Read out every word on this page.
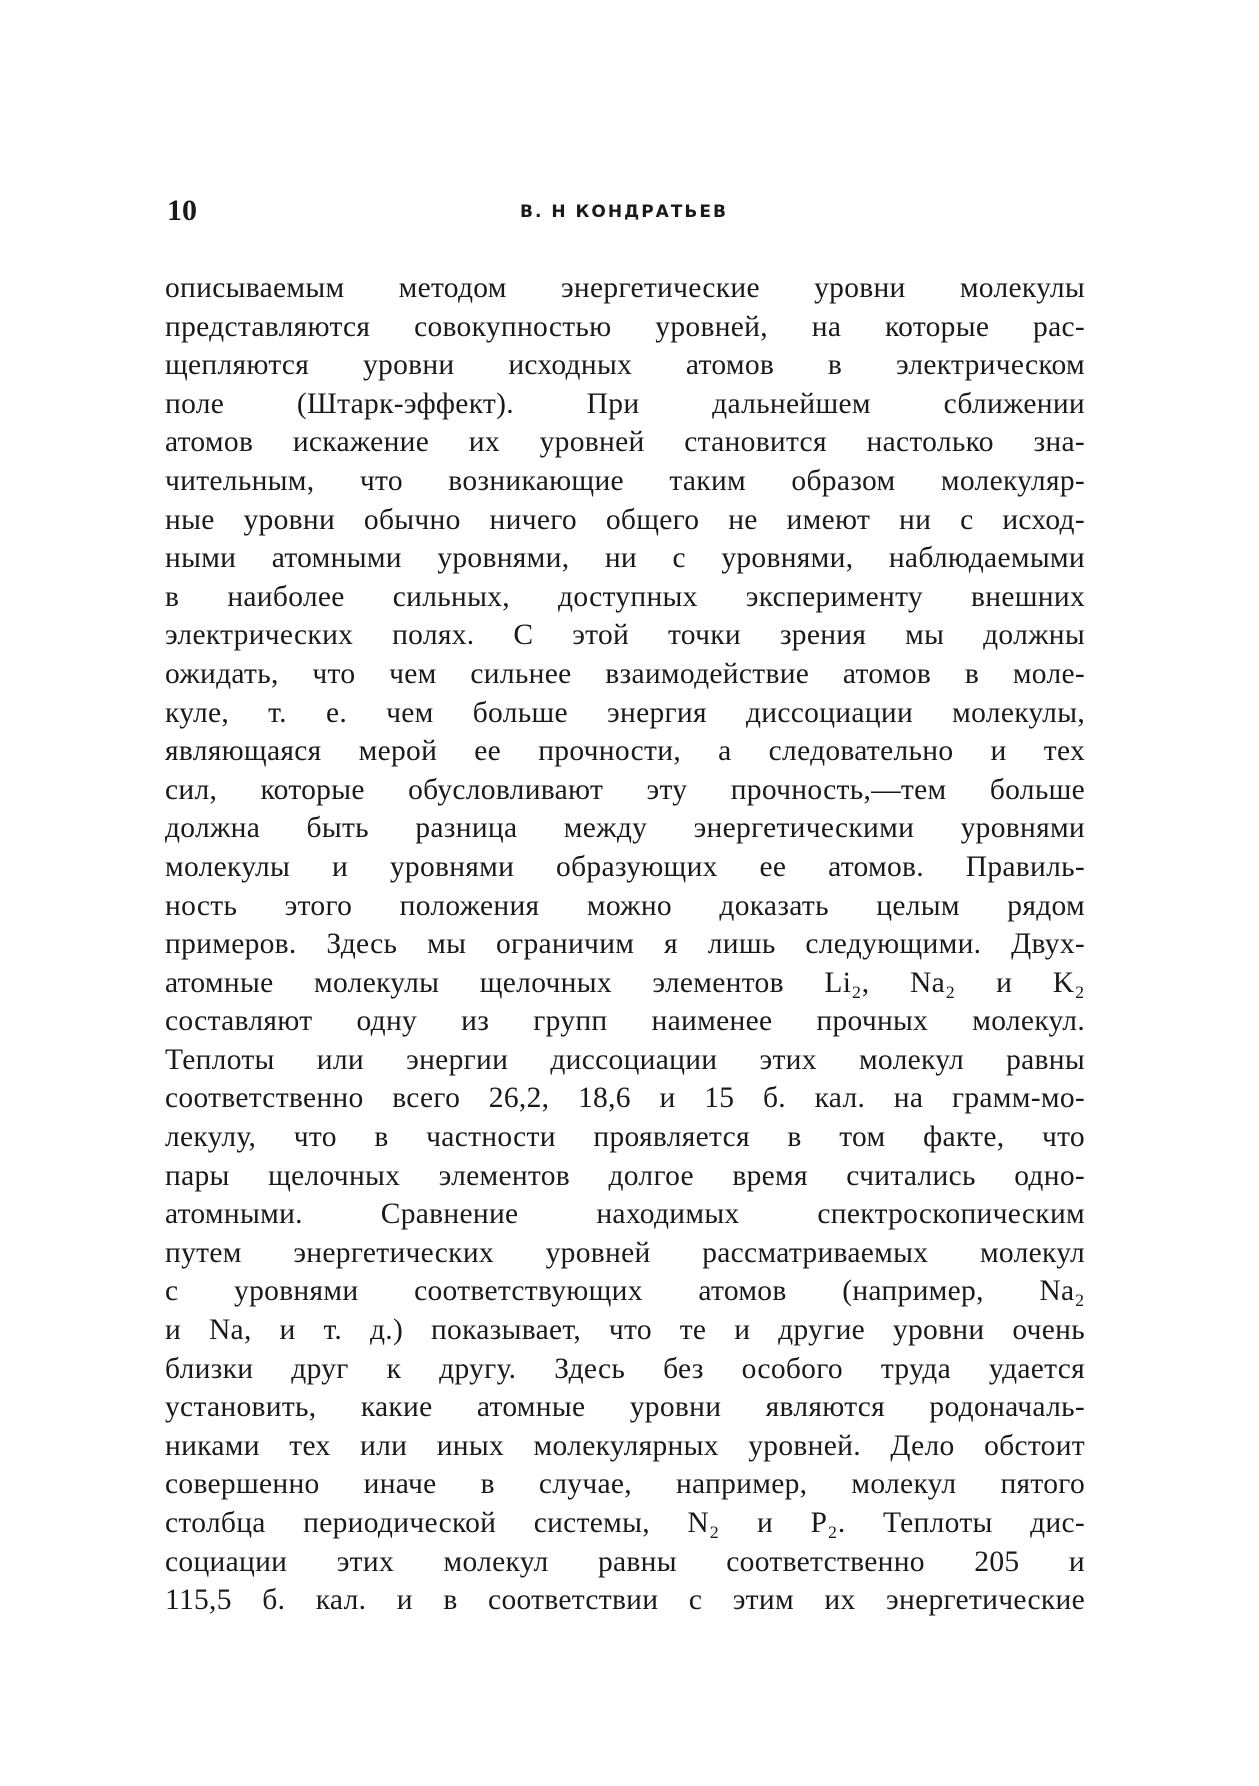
10	В. Н КОНДРАТЬЕВ
описываемым методом энергетические уровни молекулы
представляются совокупностью уровней, на которые рас-
щепляются уровни исходных атомов в электрическом
поле (Штарк-эффект). При дальнейшем сближении
атомов искажение их уровней становится настолько зна-
чительным, что возникающие таким образом молекуляр-
ные уровни обычно ничего общего не имеют ни с исход-
ными атомными уровнями, ни с уровнями, наблюдаемыми
в наиболее сильных, доступных эксперименту внешних
электрических полях. С этой точки зрения мы должны
ожидать, что чем сильнее взаимодействие атомов в моле-
куле, т. е. чем больше энергия диссоциации молекулы,
являющаяся мерой ее прочности, а следовательно и тех
сил, которые обусловливают эту прочность,—тем больше
должна быть разница между энергетическими уровнями
молекулы и уровнями образующих ее атомов. Правиль-
ность этого положения можно доказать целым рядом
примеров. Здесь мы ограничим я лишь следующими. Двух-
атомные молекулы щелочных элементов Li₂, Na₂ и K₂
составляют одну из групп наименее прочных молекул.
Теплоты или энергии диссоциации этих молекул равны
соответственно всего 26,2, 18,6 и 15 б. кал. на грамм-мо-
лекулу, что в частности проявляется в том факте, что
пары щелочных элементов долгое время считались одно-
атомными. Сравнение находимых спектроскопическим
путем энергетических уровней рассматриваемых молекул
с уровнями соответствующих атомов (например, Na₂
и Na, и т. д.) показывает, что те и другие уровни очень
близки друг к другу. Здесь без особого труда удается
установить, какие атомные уровни являются родоначаль-
никами тех или иных молекулярных уровней. Дело обстоит
совершенно иначе в случае, например, молекул пятого
столбца периодической системы, N₂ и P₂. Теплоты дис-
социации этих молекул равны соответственно 205 и
115,5 б. кал. и в соответствии с этим их энергетические
